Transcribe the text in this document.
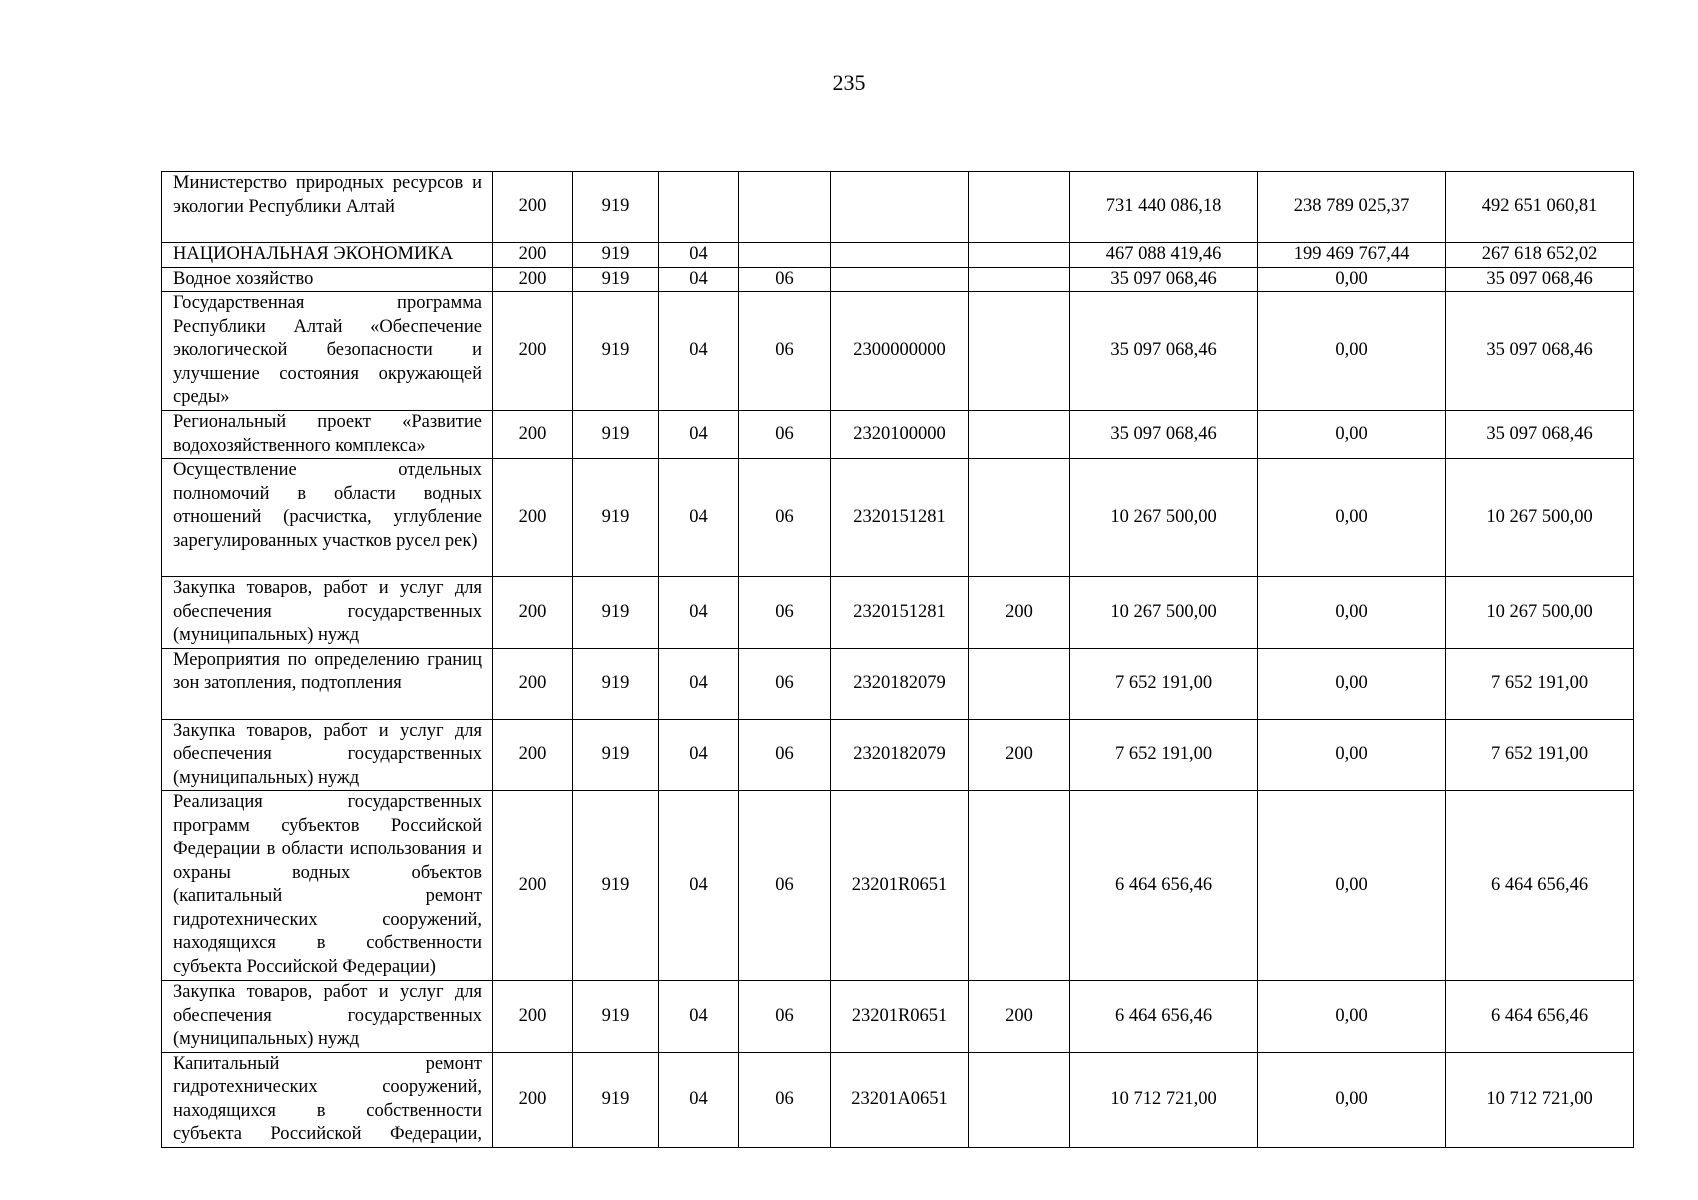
235
Министерство природных ресурсов и экологии Республики Алтай	200	919					731 440 086,18	238 789 025,37	492 651 060,81
НАЦИОНАЛЬНАЯ ЭКОНОМИКА	200	919	04				467 088 419,46	199 469 767,44	267 618 652,02
Водное хозяйство	200	919	04	06			35 097 068,46	0,00	35 097 068,46
Государственная программа Республики Алтай «Обеспечение экологической безопасности и улучшение состояния окружающей среды»	200	919	04	06	2300000000		35 097 068,46	0,00	35 097 068,46
Региональный проект «Развитие водохозяйственного комплекса»	200	919	04	06	2320100000		35 097 068,46	0,00	35 097 068,46
Осуществление отдельных полномочий в области водных отношений (расчистка, углубление зарегулированных участков русел рек)	200	919	04	06	2320151281		10 267 500,00	0,00	10 267 500,00
Закупка товаров, работ и услуг для обеспечения государственных (муниципальных) нужд	200	919	04	06	2320151281	200	10 267 500,00	0,00	10 267 500,00
Мероприятия по определению границ зон затопления, подтопления	200	919	04	06	2320182079		7 652 191,00	0,00	7 652 191,00
Закупка товаров, работ и услуг для обеспечения государственных (муниципальных) нужд	200	919	04	06	2320182079	200	7 652 191,00	0,00	7 652 191,00
Реализация государственных программ субъектов Российской Федерации в области использования и охраны водных объектов (капитальный ремонт гидротехнических сооружений, находящихся в собственности субъекта Российской Федерации)	200	919	04	06	23201R0651		6 464 656,46	0,00	6 464 656,46
Закупка товаров, работ и услуг для обеспечения государственных (муниципальных) нужд	200	919	04	06	23201R0651	200	6 464 656,46	0,00	6 464 656,46
Капитальный ремонт гидротехнических сооружений, находящихся в собственности субъекта Российской Федерации,	200	919	04	06	23201A0651		10 712 721,00	0,00	10 712 721,00
